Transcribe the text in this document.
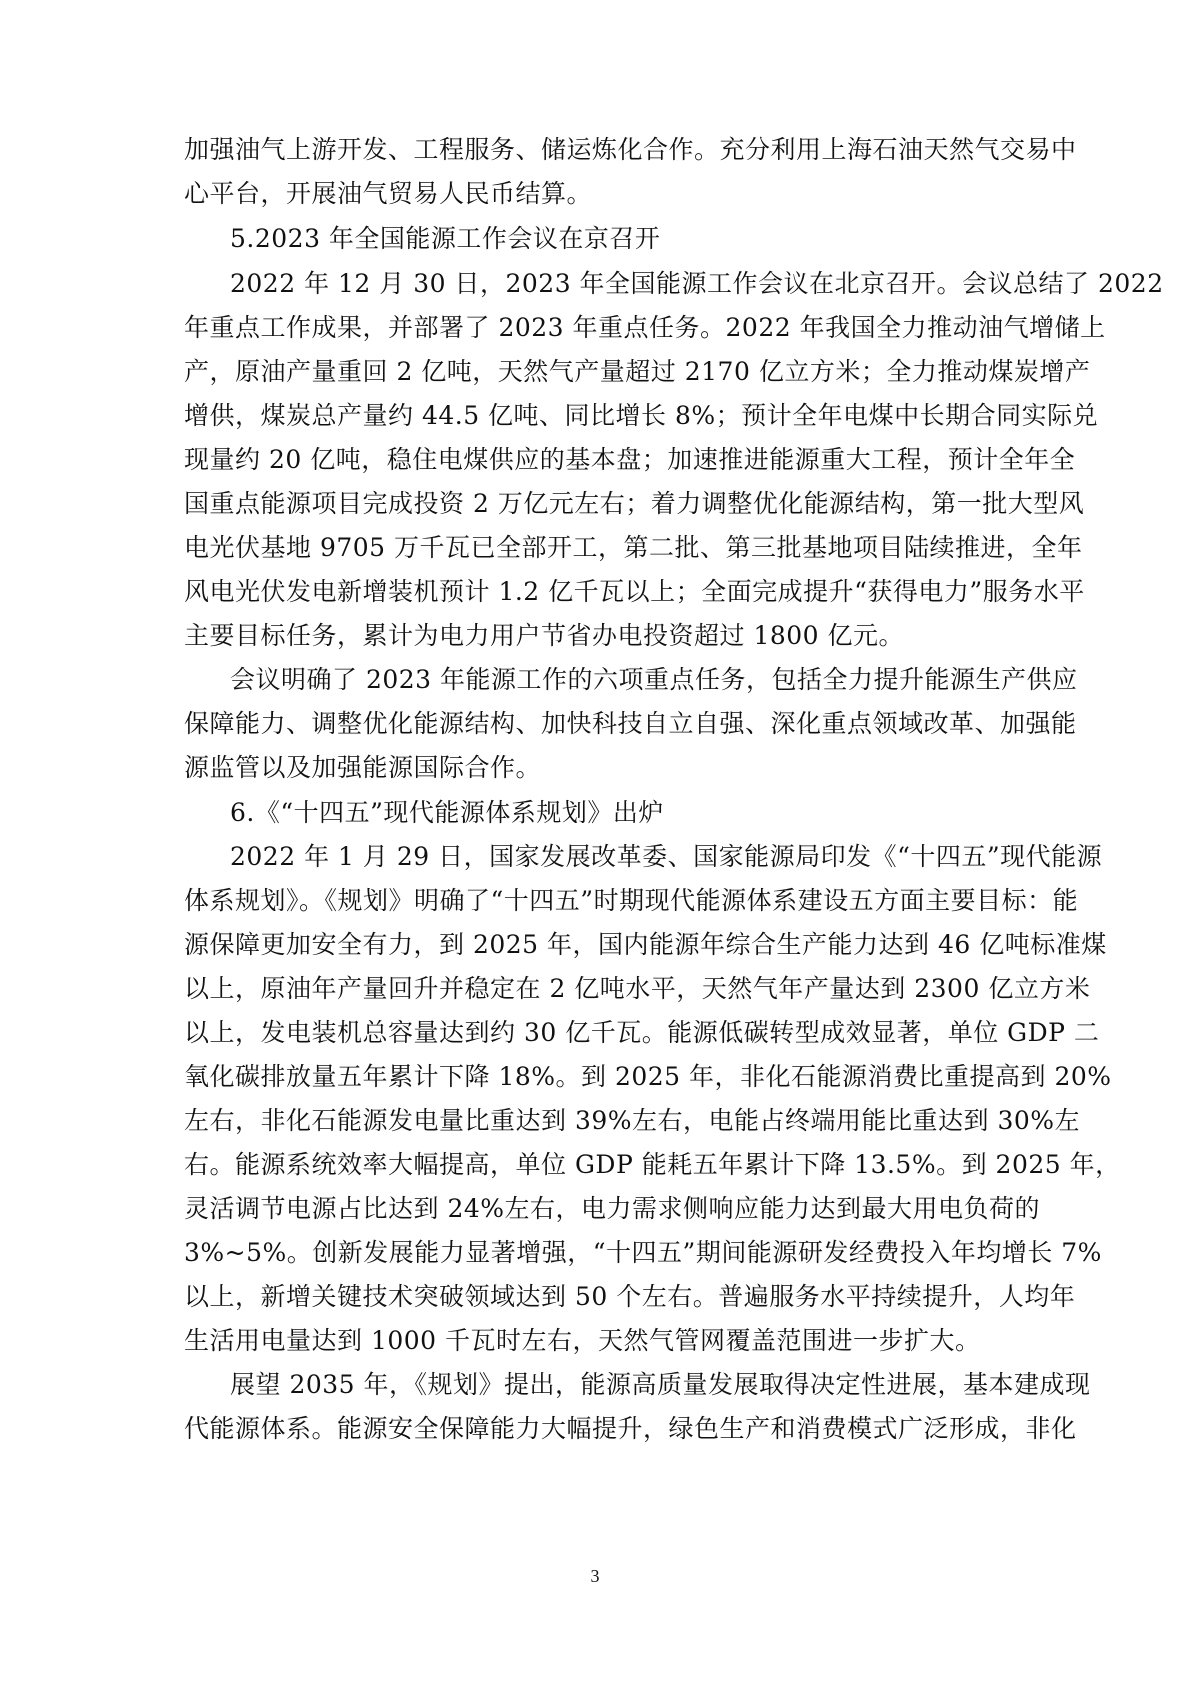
加强油气上游开发、工程服务、储运炼化合作。充分利用上海石油天然气交易中
心平台，开展油气贸易人民币结算。
5.2023 年全国能源工作会议在京召开
2022 年 12 月 30 日，2023 年全国能源工作会议在北京召开。会议总结了 2022
年重点工作成果，并部署了 2023 年重点任务。2022 年我国全力推动油气增储上
产，原油产量重回 2 亿吨，天然气产量超过 2170 亿立方米；全力推动煤炭增产
增供，煤炭总产量约 44.5 亿吨、同比增长 8%；预计全年电煤中长期合同实际兑
现量约 20 亿吨，稳住电煤供应的基本盘；加速推进能源重大工程，预计全年全
国重点能源项目完成投资 2 万亿元左右；着力调整优化能源结构，第一批大型风
电光伏基地 9705 万千瓦已全部开工，第二批、第三批基地项目陆续推进，全年
风电光伏发电新增装机预计 1.2 亿千瓦以上；全面完成提升“获得电力”服务水平
主要目标任务，累计为电力用户节省办电投资超过 1800 亿元。
会议明确了 2023 年能源工作的六项重点任务，包括全力提升能源生产供应
保障能力、调整优化能源结构、加快科技自立自强、深化重点领域改革、加强能
源监管以及加强能源国际合作。
6.《“十四五”现代能源体系规划》出炉
2022 年 1 月 29 日，国家发展改革委、国家能源局印发《“十四五”现代能源
体系规划》。《规划》明确了“十四五”时期现代能源体系建设五方面主要目标：能
源保障更加安全有力，到 2025 年，国内能源年综合生产能力达到 46 亿吨标准煤
以上，原油年产量回升并稳定在 2 亿吨水平，天然气年产量达到 2300 亿立方米
以上，发电装机总容量达到约 30 亿千瓦。能源低碳转型成效显著，单位 GDP 二
氧化碳排放量五年累计下降 18%。到 2025 年，非化石能源消费比重提高到 20%
左右，非化石能源发电量比重达到 39%左右，电能占终端用能比重达到 30%左
右。能源系统效率大幅提高，单位 GDP 能耗五年累计下降 13.5%。到 2025 年，
灵活调节电源占比达到 24%左右，电力需求侧响应能力达到最大用电负荷的
3%~5%。创新发展能力显著增强，“十四五”期间能源研发经费投入年均增长 7%
以上，新增关键技术突破领域达到 50 个左右。普遍服务水平持续提升，人均年
生活用电量达到 1000 千瓦时左右，天然气管网覆盖范围进一步扩大。
展望 2035 年，《规划》提出，能源高质量发展取得决定性进展，基本建成现
代能源体系。能源安全保障能力大幅提升，绿色生产和消费模式广泛形成，非化
3
